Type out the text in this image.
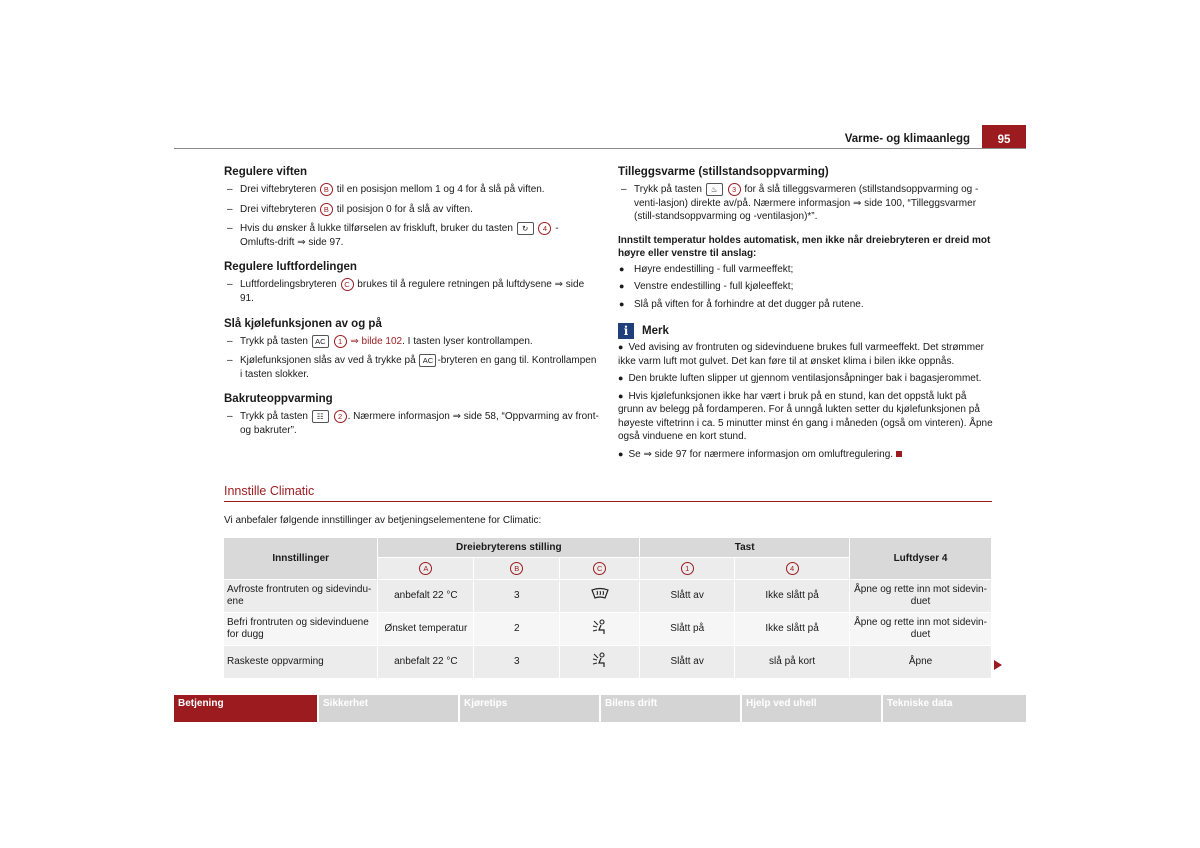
Varme- og klimaanlegg	95
Regulere viften
– Drei viftebryteren B til en posisjon mellom 1 og 4 for å slå på viften.
– Drei viftebryteren B til posisjon 0 for å slå av viften.
– Hvis du ønsker å lukke tilførselen av friskluft, bruker du tasten ↻ 4 - Omlufts-drift ⇒ side 97.
Regulere luftfordelingen
– Luftfordelingsbryteren C brukes til å regulere retningen på luftdysene ⇒ side 91.
Slå kjølefunksjonen av og på
– Trykk på tasten AC 1 ⇒ bilde 102. I tasten lyser kontrollampen.
– Kjølefunksjonen slås av ved å trykke på AC -bryteren en gang til. Kontrollampen i tasten slokker.
Bakruteoppvarming
– Trykk på tasten ☷ 2 . Nærmere informasjon ⇒ side 58, “Oppvarming av front- og bakruter”.
Tilleggsvarme (stillstandsoppvarming)
– Trykk på tasten ♨ 3 for å slå tilleggsvarmeren (stillstandsoppvarming og -venti-lasjon) direkte av/på. Nærmere informasjon ⇒ side 100, “Tilleggsvarmer (still-standsoppvarming og -ventilasjon)*”.
Innstilt temperatur holdes automatisk, men ikke når dreiebryteren er dreid mot høyre eller venstre til anslag:
● Høyre endestilling - full varmeeffekt;
● Venstre endestilling - full kjøleeffekt;
● Slå på viften for å forhindre at det dugger på rutene.
i Merk
●  Ved avising av frontruten og sidevinduene brukes full varmeeffekt. Det strømmer ikke varm luft mot gulvet. Det kan føre til at ønsket klima i bilen ikke oppnås.
●  Den brukte luften slipper ut gjennom ventilasjonsåpninger bak i bagasjerommet.
●  Hvis kjølefunksjonen ikke har vært i bruk på en stund, kan det oppstå lukt på grunn av belegg på fordamperen. For å unngå lukten setter du kjølefunksjonen på høyeste viftetrinn i ca. 5 minutter minst én gang i måneden (også om vinteren). Åpne også vinduene en kort stund.
●  Se ⇒ side 97 for nærmere informasjon om omluftregulering.
Innstille Climatic
Vi anbefaler følgende innstillinger av betjeningselementene for Climatic:
Innstillinger	Dreiebryterens stilling			Tast		Luftdyser 4
	A	B	C	1	4	
Avfroste frontruten og sidevindu-ene	anbefalt 22 °C	3		Slått av	Ikke slått på	Åpne og rette inn mot sidevin-duet
Befri frontruten og sidevinduene for dugg	Ønsket temperatur	2		Slått på	Ikke slått på	Åpne og rette inn mot sidevin-duet
Raskeste oppvarming	anbefalt 22 °C	3		Slått av	slå på kort	Åpne
Betjening	Sikkerhet	Kjøretips	Bilens drift	Hjelp ved uhell	Tekniske data
